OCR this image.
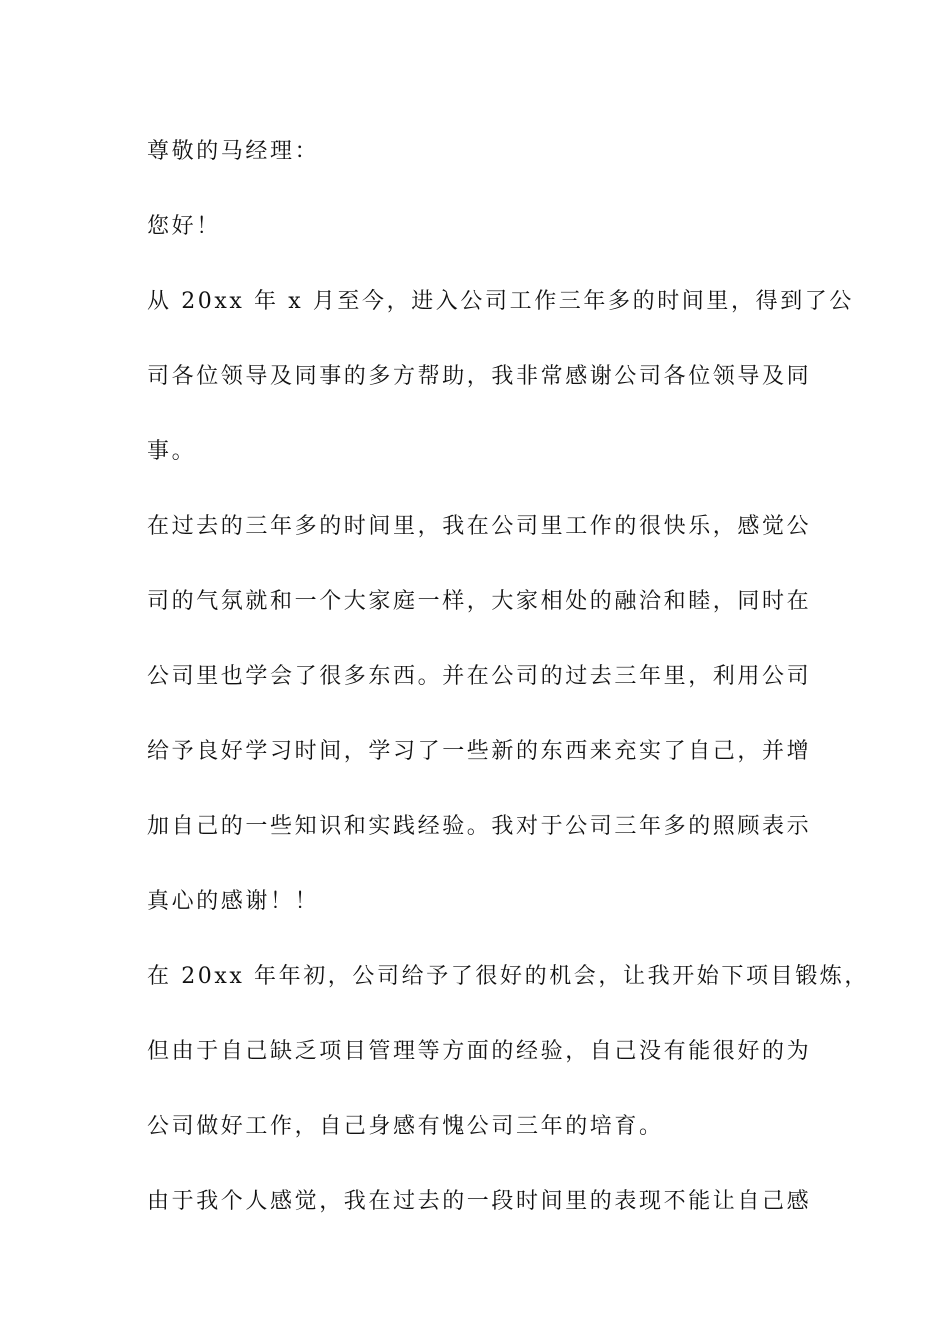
尊敬的马经理：
您好！
从 20xx 年 x 月至今，进入公司工作三年多的时间里，得到了公
司各位领导及同事的多方帮助，我非常感谢公司各位领导及同
事。
在过去的三年多的时间里，我在公司里工作的很快乐，感觉公
司的气氛就和一个大家庭一样，大家相处的融洽和睦，同时在
公司里也学会了很多东西。并在公司的过去三年里，利用公司
给予良好学习时间，学习了一些新的东西来充实了自己，并增
加自己的一些知识和实践经验。我对于公司三年多的照顾表示
真心的感谢！！
在 20xx 年年初，公司给予了很好的机会，让我开始下项目锻炼，
但由于自己缺乏项目管理等方面的经验，自己没有能很好的为
公司做好工作，自己身感有愧公司三年的培育。
由于我个人感觉，我在过去的一段时间里的表现不能让自己感
